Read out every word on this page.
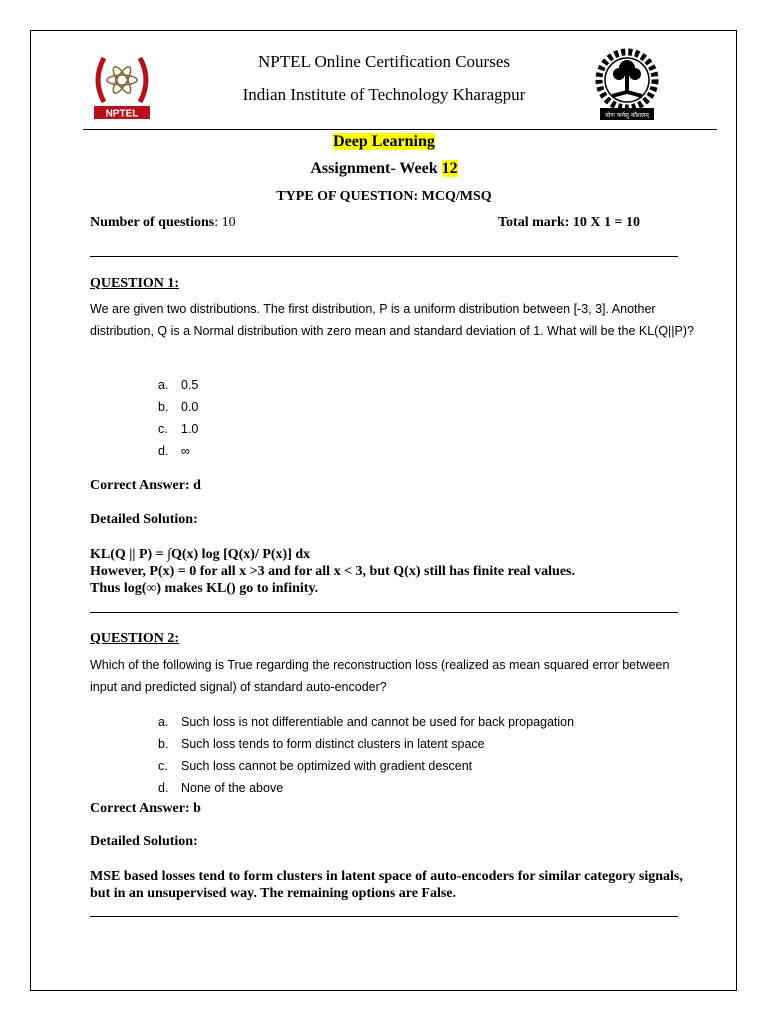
NPTEL	योगः कर्मसु कौशलम्
NPTEL Online Certification Courses
Indian Institute of Technology Kharagpur
Deep Learning
Assignment- Week 12
TYPE OF QUESTION: MCQ/MSQ
Number of questions: 10	Total mark: 10 X 1 = 10
QUESTION 1:
We are given two distributions. The first distribution, P is a uniform distribution between [-3, 3]. Another distribution, Q is a Normal distribution with zero mean and standard deviation of 1. What will be the KL(Q||P)?
a. 0.5
b. 0.0
c. 1.0
d. ∞
Correct Answer: d
Detailed Solution:
KL(Q || P) = ∫Q(x) log [Q(x)/ P(x)] dx
However, P(x) = 0 for all x >3 and for all x < 3, but Q(x) still has finite real values.
Thus log(∞) makes KL() go to infinity.
QUESTION 2:
Which of the following is True regarding the reconstruction loss (realized as mean squared error between input and predicted signal) of standard auto-encoder?
a. Such loss is not differentiable and cannot be used for back propagation
b. Such loss tends to form distinct clusters in latent space
c. Such loss cannot be optimized with gradient descent
d. None of the above
Correct Answer: b
Detailed Solution:
MSE based losses tend to form clusters in latent space of auto-encoders for similar category signals, but in an unsupervised way. The remaining options are False.
